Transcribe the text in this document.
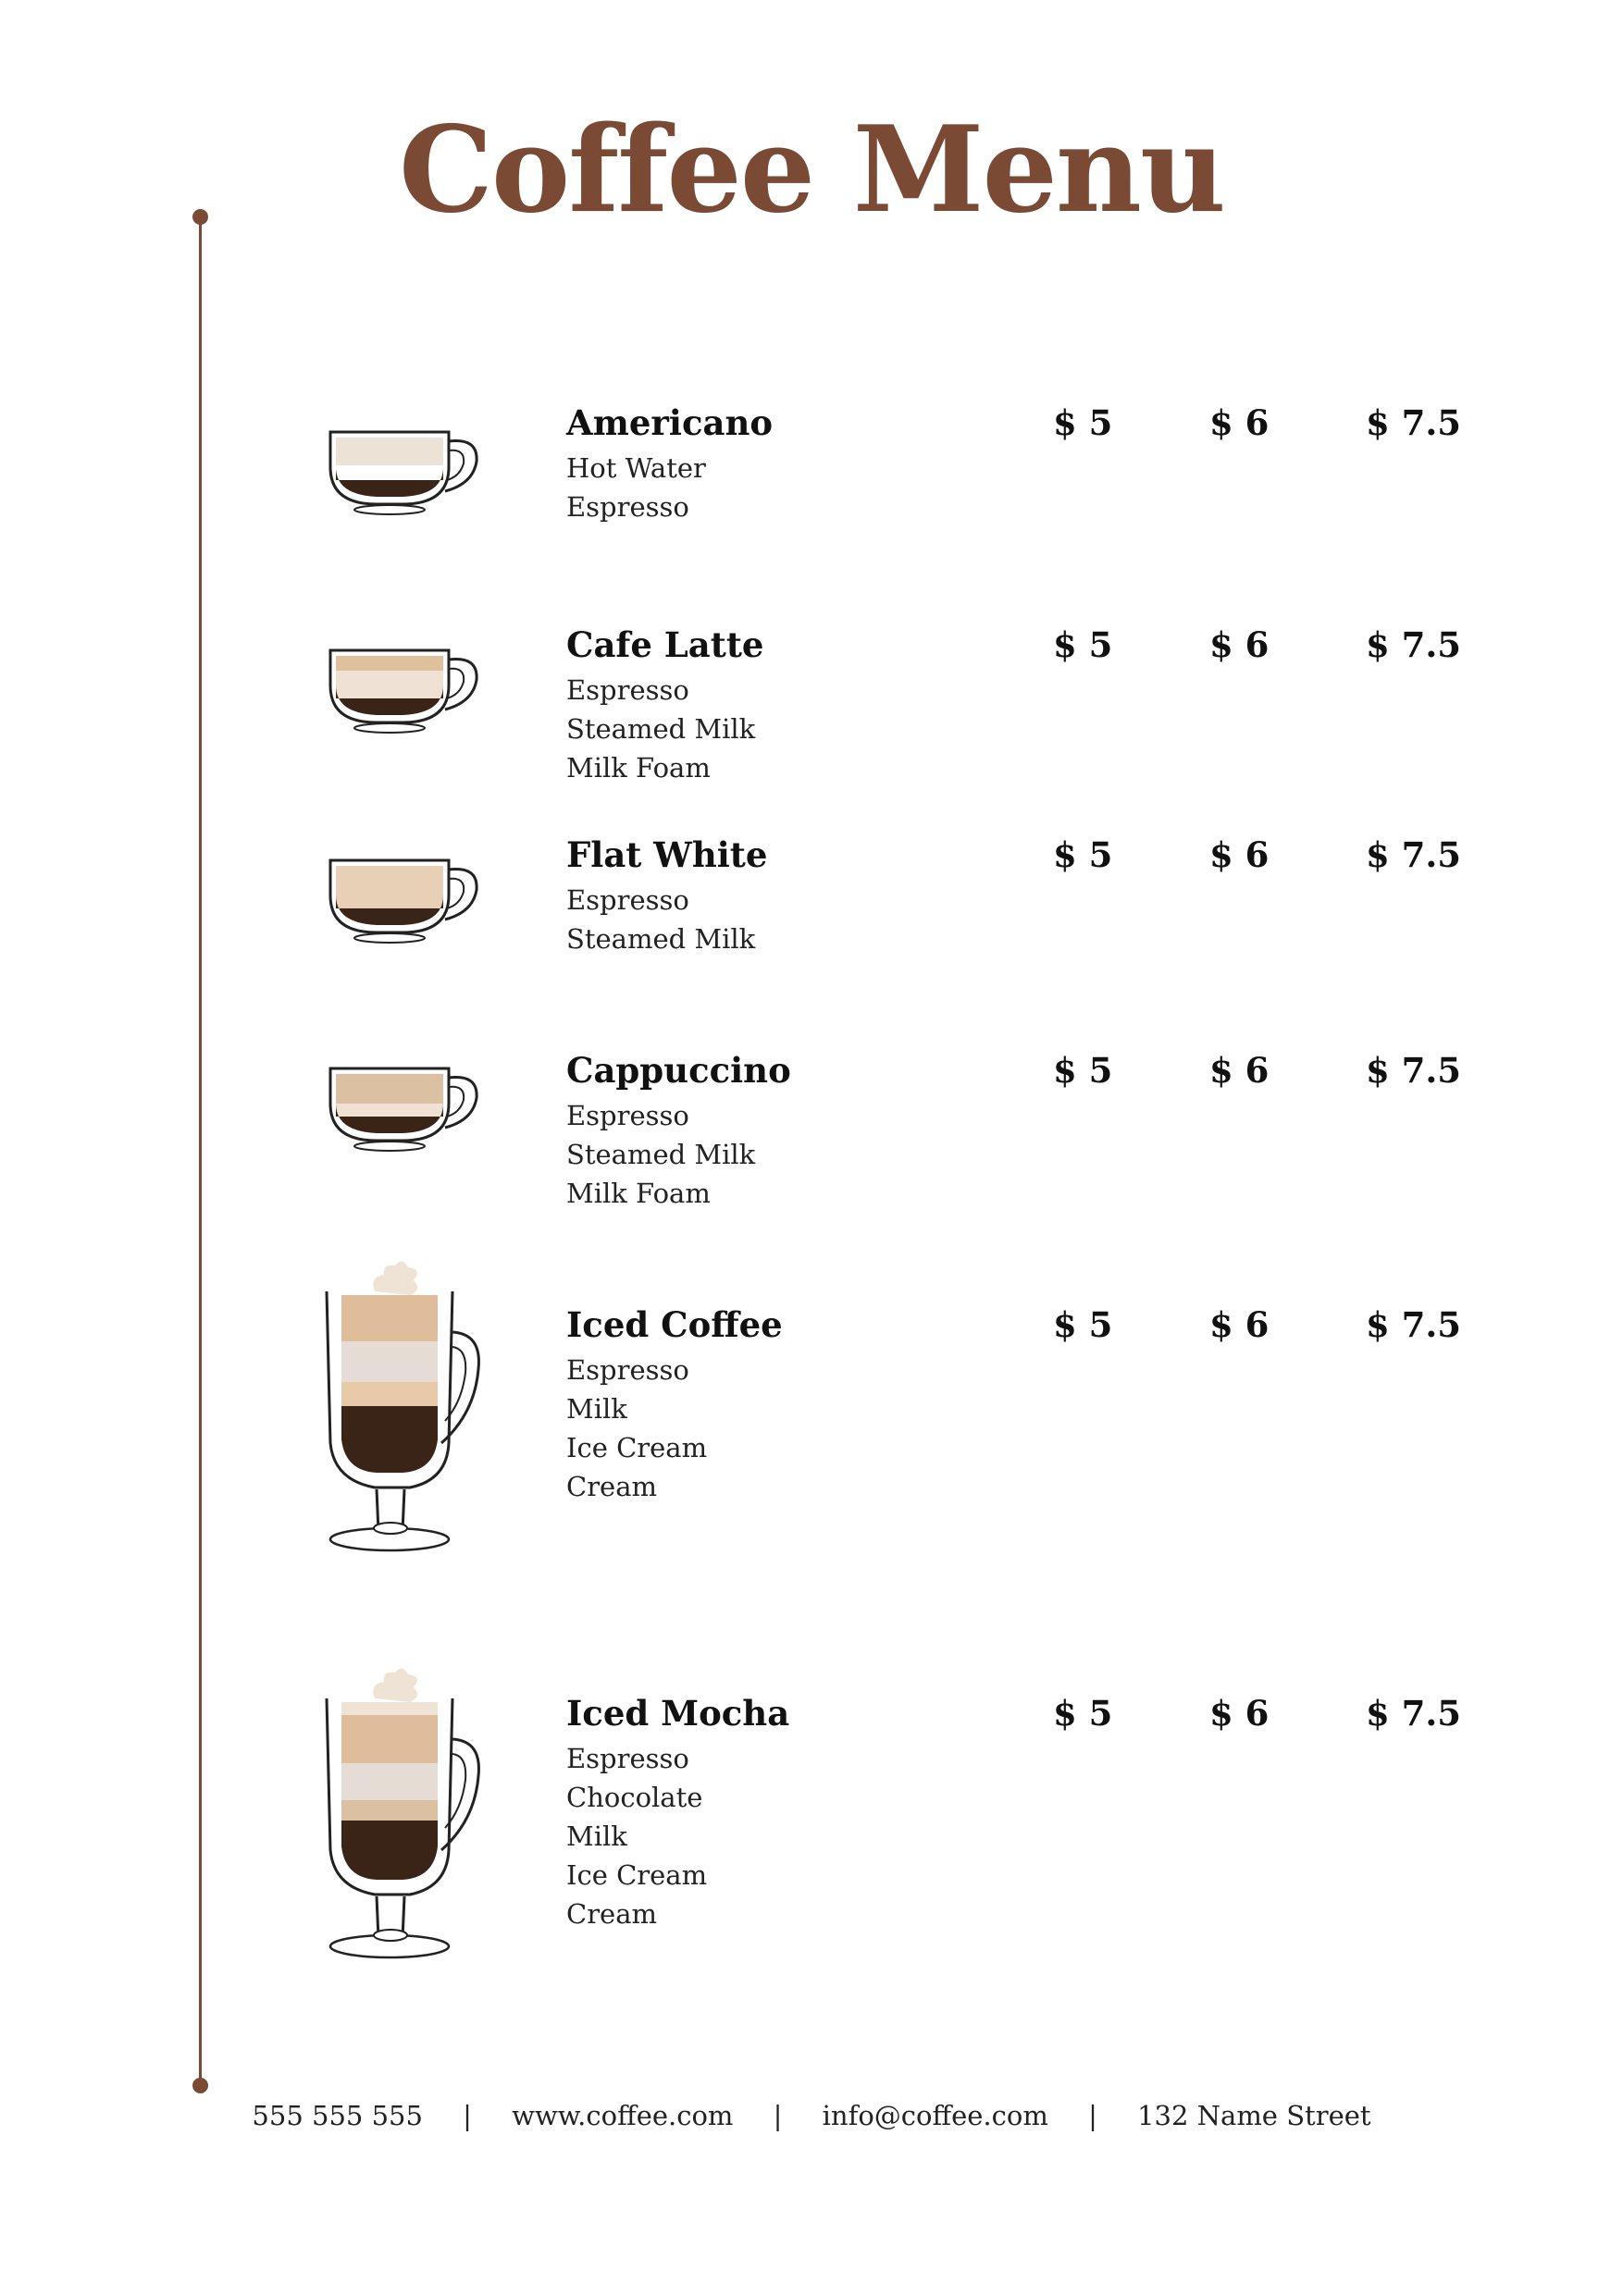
Coffee Menu
Americano
Hot Water
Espresso
$ 5	$ 6	$ 7.5
Cafe Latte
Espresso
Steamed Milk
Milk Foam
$ 5	$ 6	$ 7.5
Flat White
Espresso
Steamed Milk
$ 5	$ 6	$ 7.5
Cappuccino
Espresso
Steamed Milk
Milk Foam
$ 5	$ 6	$ 7.5
Iced Coffee
Espresso
Milk
Ice Cream
Cream
$ 5	$ 6	$ 7.5
Iced Mocha
Espresso
Chocolate
Milk
Ice Cream
Cream
$ 5	$ 6	$ 7.5
555 555 555 | www.coffee.com | info@coffee.com | 132 Name Street
